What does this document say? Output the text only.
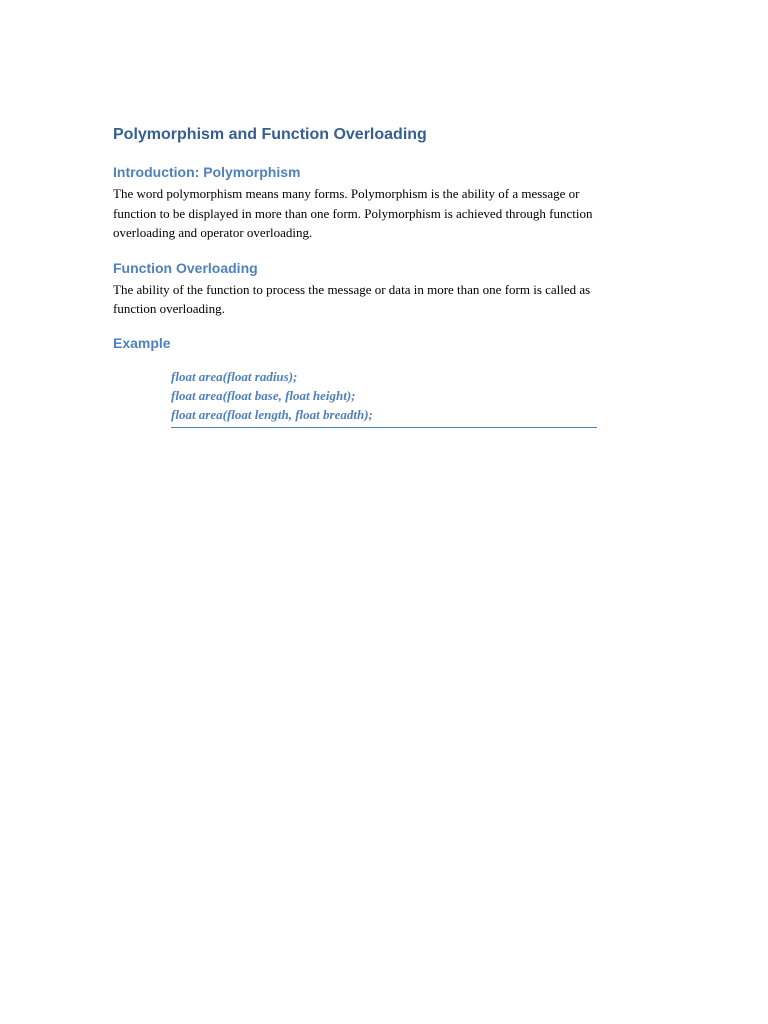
Polymorphism and Function Overloading
Introduction: Polymorphism

The word polymorphism means many forms. Polymorphism is the ability of a message or
function to be displayed in more than one form. Polymorphism is achieved through function
overloading and operator overloading.

Function Overloading

The ability of the function to process the message or data in more than one form is called as
function overloading.

Example
float area(float radius);
float area(float base, float height);
float area(float length, float breadth);
